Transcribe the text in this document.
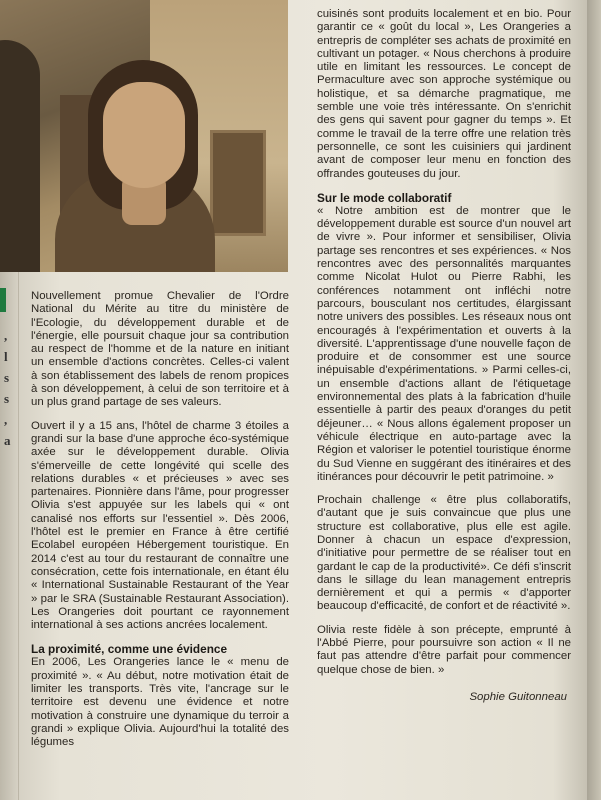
,
l
s
s
,
a

Nouvellement promue Chevalier de l'Ordre National du Mérite au titre du ministère de l'Ecologie, du développement durable et de l'énergie, elle poursuit chaque jour sa contribution au respect de l'homme et de la nature en initiant un ensemble d'actions concrètes. Celles-ci valent à son établissement des labels de renom propices à son développement, à celui de son territoire et à un plus grand partage de ses valeurs.

Ouvert il y a 15 ans, l'hôtel de charme 3 étoiles a grandi sur la base d'une approche éco-systémique axée sur le développement durable. Olivia s'émerveille de cette longévité qui scelle des relations durables « et précieuses » avec ses partenaires. Pionnière dans l'âme, pour progresser Olivia s'est appuyée sur les labels qui « ont canalisé nos efforts sur l'essentiel ». Dès 2006, l'hôtel est le premier en France à être certifié Ecolabel européen Hébergement touristique. En 2014 c'est au tour du restaurant de connaître une consécration, cette fois internationale, en étant élu « International Sustainable Restaurant of the Year » par le SRA (Sustainable Restaurant Association). Les Orangeries doit pourtant ce rayonnement international à ses actions ancrées localement.

La proximité, comme une évidence

En 2006, Les Orangeries lance le « menu de proximité ». « Au début, notre motivation était de limiter les transports. Très vite, l'ancrage sur le territoire est devenu une évidence et notre motivation à construire une dynamique du terroir a grandi » explique Olivia. Aujourd'hui la totalité des légumes

cuisinés sont produits localement et en bio. Pour garantir ce « goût du local », Les Orangeries a entrepris de compléter ses achats de proximité en cultivant un potager. « Nous cherchons à produire utile en limitant les ressources. Le concept de Permaculture avec son approche systémique ou holistique, et sa démarche pragmatique, me semble une voie très intéressante. On s'enrichit des gens qui savent pour gagner du temps ». Et comme le travail de la terre offre une relation très personnelle, ce sont les cuisiniers qui jardinent avant de composer leur menu en fonction des offrandes gouteuses du jour.

Sur le mode collaboratif

« Notre ambition est de montrer que le développement durable est source d'un nouvel art de vivre ». Pour informer et sensibiliser, Olivia partage ses rencontres et ses expériences. « Nos rencontres avec des personnalités marquantes comme Nicolat Hulot ou Pierre Rabhi, les conférences notamment ont infléchi notre parcours, bousculant nos certitudes, élargissant notre univers des possibles. Les réseaux nous ont encouragés à l'expérimentation et ouverts à la diversité. L'apprentissage d'une nouvelle façon de produire et de consommer est une source inépuisable d'expérimentations. » Parmi celles-ci, un ensemble d'actions allant de l'étiquetage environnemental des plats à la fabrication d'huile essentielle à partir des peaux d'oranges du petit déjeuner… « Nous allons également proposer un véhicule électrique en auto-partage avec la Région et valoriser le potentiel touristique énorme du Sud Vienne en suggérant des itinéraires et des itinérances pour découvrir le petit patrimoine. »

Prochain challenge « être plus collaboratifs, d'autant que je suis convaincue que plus une structure est collaborative, plus elle est agile. Donner à chacun un espace d'expression, d'initiative pour permettre de se réaliser tout en gardant le cap de la productivité». Ce défi s'inscrit dans le sillage du lean management entrepris dernièrement et qui a permis « d'apporter beaucoup d'efficacité, de confort et de réactivité ».

Olivia reste fidèle à son précepte, emprunté à l'Abbé Pierre, pour poursuivre son action « Il ne faut pas attendre d'être parfait pour commencer quelque chose de bien. »

Sophie Guitonneau
